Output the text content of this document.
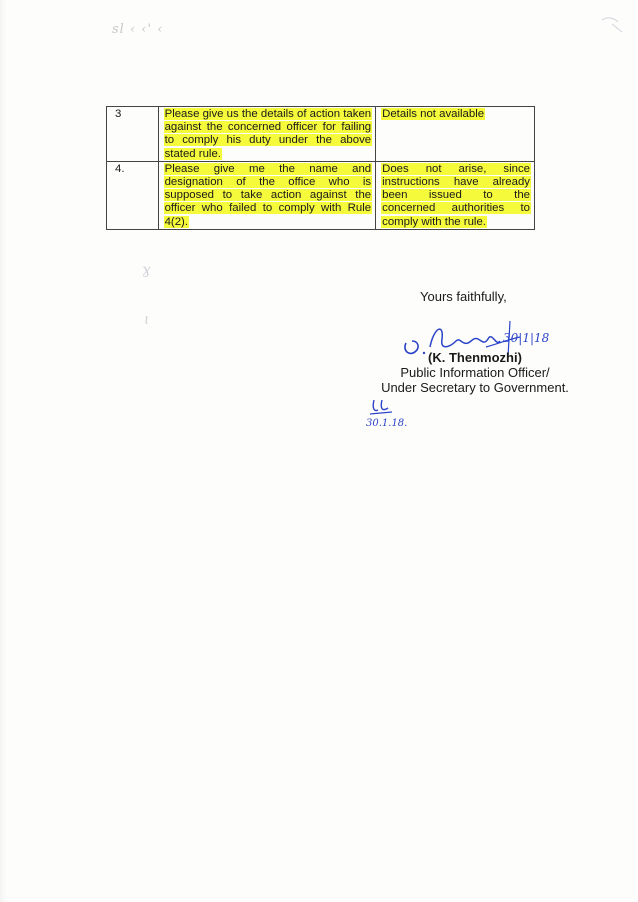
sl ‹ ‹' ‹
ɣ
ɩ
3	Please give us the details of action taken against the concerned officer for failing to comply his duty under the above stated rule.	Details not available

4.	Please give me the name and designation of the office who is supposed to take action against the officer who failed to comply with Rule 4(2).	Does not arise, since instructions have already been issued to the concerned authorities to comply with the rule.
Yours faithfully,
30|1|18
(K. Thenmozhi)
Public Information Officer/
Under Secretary to Government.
30.1.18.
